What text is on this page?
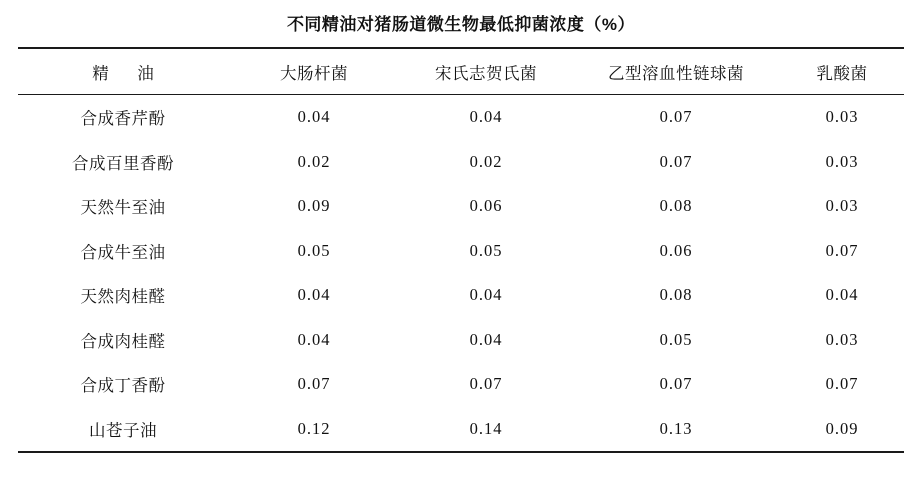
不同精油对猪肠道微生物最低抑菌浓度（%）
精　油	大肠杆菌	宋氏志贺氏菌	乙型溶血性链球菌	乳酸菌
合成香芹酚	0.04	0.04	0.07	0.03
合成百里香酚	0.02	0.02	0.07	0.03
天然牛至油	0.09	0.06	0.08	0.03
合成牛至油	0.05	0.05	0.06	0.07
天然肉桂醛	0.04	0.04	0.08	0.04
合成肉桂醛	0.04	0.04	0.05	0.03
合成丁香酚	0.07	0.07	0.07	0.07
山苍子油	0.12	0.14	0.13	0.09
